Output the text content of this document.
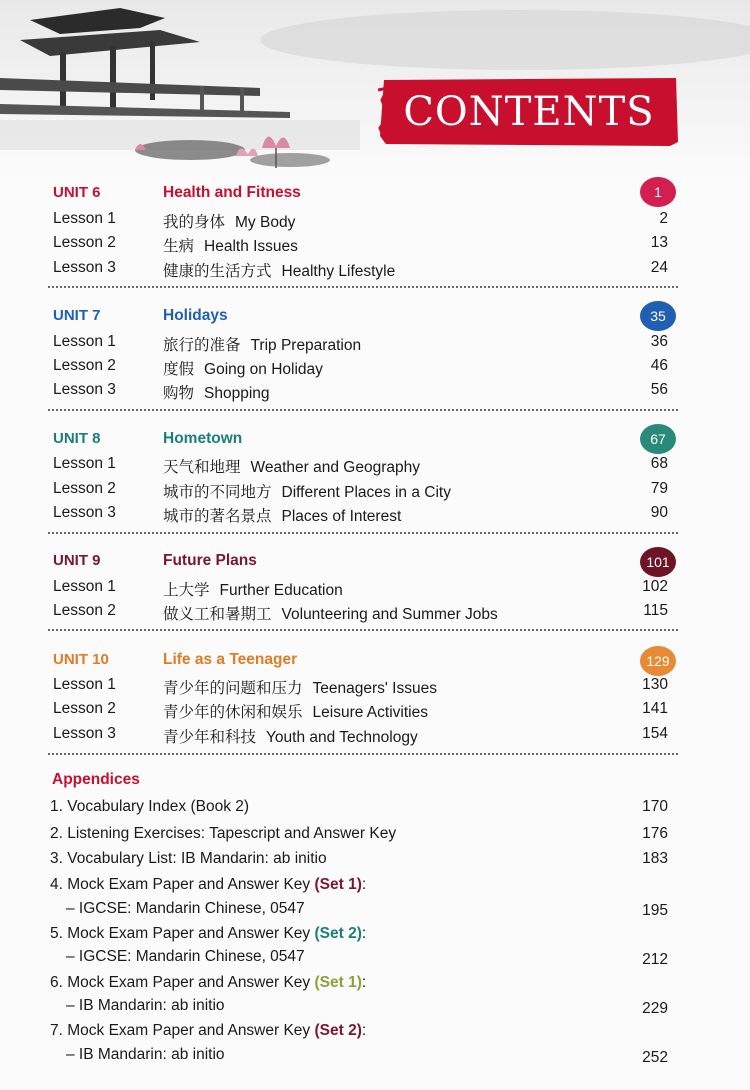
CONTENTS
UNIT 6	Health and Fitness	1
Lesson 1	我的身体 My Body	2
Lesson 2	生病 Health Issues	13
Lesson 3	健康的生活方式 Healthy Lifestyle	24
UNIT 7	Holidays	35
Lesson 1	旅行的准备 Trip Preparation	36
Lesson 2	度假 Going on Holiday	46
Lesson 3	购物 Shopping	56
UNIT 8	Hometown	67
Lesson 1	天气和地理 Weather and Geography	68
Lesson 2	城市的不同地方 Different Places in a City	79
Lesson 3	城市的著名景点 Places of Interest	90
UNIT 9	Future Plans	101
Lesson 1	上大学 Further Education	102
Lesson 2	做义工和暑期工 Volunteering and Summer Jobs	115
UNIT 10	Life as a Teenager	129
Lesson 1	青少年的问题和压力 Teenagers' Issues	130
Lesson 2	青少年的休闲和娱乐 Leisure Activities	141
Lesson 3	青少年和科技 Youth and Technology	154
Appendices
1. Vocabulary Index (Book 2)	170
2. Listening Exercises: Tapescript and Answer Key	176
3. Vocabulary List: IB Mandarin: ab initio	183
4. Mock Exam Paper and Answer Key (Set 1):
– IGCSE: Mandarin Chinese, 0547	195
5. Mock Exam Paper and Answer Key (Set 2):
– IGCSE: Mandarin Chinese, 0547	212
6. Mock Exam Paper and Answer Key (Set 1):
– IB Mandarin: ab initio	229
7. Mock Exam Paper and Answer Key (Set 2):
– IB Mandarin: ab initio	252
